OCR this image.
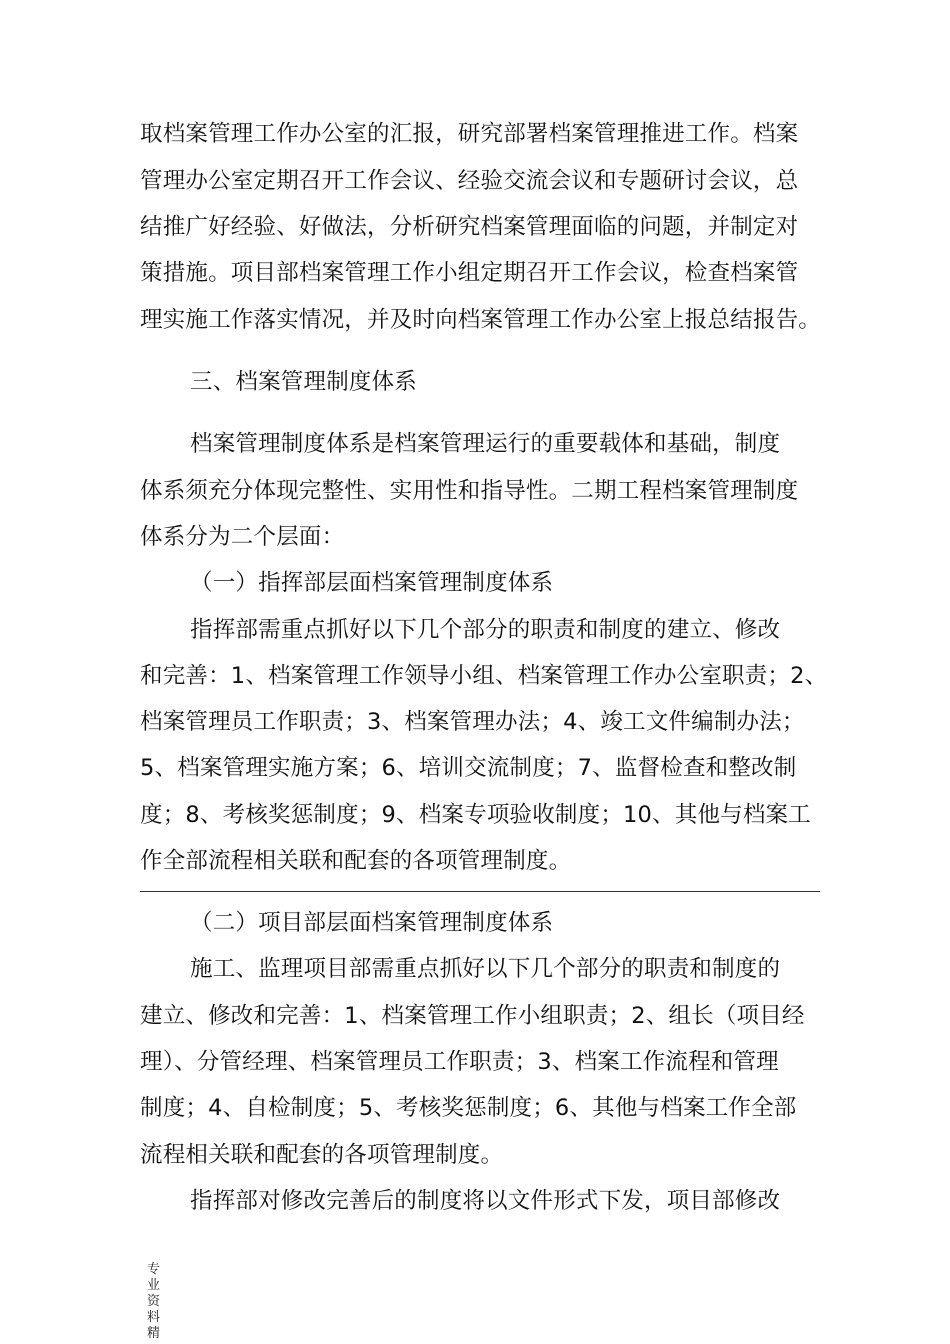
取档案管理工作办公室的汇报，研究部署档案管理推进工作。档案
管理办公室定期召开工作会议、经验交流会议和专题研讨会议，总
结推广好经验、好做法，分析研究档案管理面临的问题，并制定对
策措施。项目部档案管理工作小组定期召开工作会议，检查档案管
理实施工作落实情况，并及时向档案管理工作办公室上报总结报告。
三、档案管理制度体系
档案管理制度体系是档案管理运行的重要载体和基础，制度
体系须充分体现完整性、实用性和指导性。二期工程档案管理制度
体系分为二个层面：
（一）指挥部层面档案管理制度体系
指挥部需重点抓好以下几个部分的职责和制度的建立、修改
和完善：1、档案管理工作领导小组、档案管理工作办公室职责；2、
档案管理员工作职责；3、档案管理办法；4、竣工文件编制办法；
5、档案管理实施方案；6、培训交流制度；7、监督检查和整改制
度；8、考核奖惩制度；9、档案专项验收制度；10、其他与档案工
作全部流程相关联和配套的各项管理制度。
（二）项目部层面档案管理制度体系
施工、监理项目部需重点抓好以下几个部分的职责和制度的
建立、修改和完善：1、档案管理工作小组职责；2、组长（项目经
理）、分管经理、档案管理员工作职责；3、档案工作流程和管理
制度；4、自检制度；5、考核奖惩制度；6、其他与档案工作全部
流程相关联和配套的各项管理制度。
指挥部对修改完善后的制度将以文件形式下发，项目部修改
专业资料精
